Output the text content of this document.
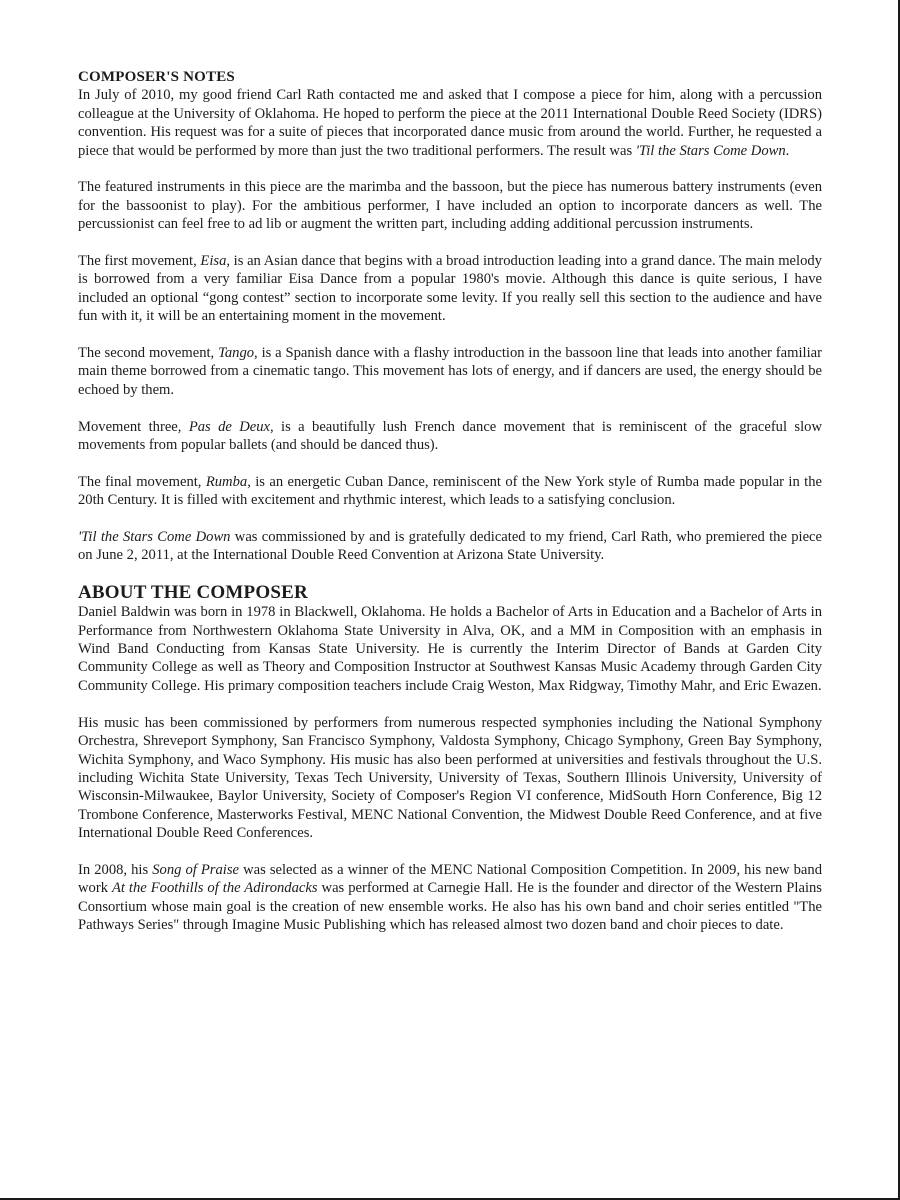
COMPOSER'S NOTES

In July of 2010, my good friend Carl Rath contacted me and asked that I compose a piece for him, along with a percussion colleague at the University of Oklahoma. He hoped to perform the piece at the 2011 International Double Reed Society (IDRS) convention. His request was for a suite of pieces that incorporated dance music from around the world. Further, he requested a piece that would be performed by more than just the two traditional performers. The result was 'Til the Stars Come Down.

The featured instruments in this piece are the marimba and the bassoon, but the piece has numerous battery instruments (even for the bassoonist to play). For the ambitious performer, I have included an option to incorporate dancers as well. The percussionist can feel free to ad lib or augment the written part, including adding additional percussion instruments.

The first movement, Eisa, is an Asian dance that begins with a broad introduction leading into a grand dance. The main melody is borrowed from a very familiar Eisa Dance from a popular 1980's movie. Although this dance is quite serious, I have included an optional “gong contest” section to incorporate some levity. If you really sell this section to the audience and have fun with it, it will be an entertaining moment in the movement.

The second movement, Tango, is a Spanish dance with a flashy introduction in the bassoon line that leads into another familiar main theme borrowed from a cinematic tango. This movement has lots of energy, and if dancers are used, the energy should be echoed by them.

Movement three, Pas de Deux, is a beautifully lush French dance movement that is reminiscent of the graceful slow movements from popular ballets (and should be danced thus).

The final movement, Rumba, is an energetic Cuban Dance, reminiscent of the New York style of Rumba made popular in the 20th Century. It is filled with excitement and rhythmic interest, which leads to a satisfying conclusion.

'Til the Stars Come Down was commissioned by and is gratefully dedicated to my friend, Carl Rath, who premiered the piece on June 2, 2011, at the International Double Reed Convention at Arizona State University.

ABOUT THE COMPOSER

Daniel Baldwin was born in 1978 in Blackwell, Oklahoma. He holds a Bachelor of Arts in Education and a Bachelor of Arts in Performance from Northwestern Oklahoma State University in Alva, OK, and a MM in Composition with an emphasis in Wind Band Conducting from Kansas State University. He is currently the Interim Director of Bands at Garden City Community College as well as Theory and Composition Instructor at Southwest Kansas Music Academy through Garden City Community College. His primary composition teachers include Craig Weston, Max Ridgway, Timothy Mahr, and Eric Ewazen.

His music has been commissioned by performers from numerous respected symphonies including the National Symphony Orchestra, Shreveport Symphony, San Francisco Symphony, Valdosta Symphony, Chicago Symphony, Green Bay Symphony, Wichita Symphony, and Waco Symphony. His music has also been performed at universities and festivals throughout the U.S. including Wichita State University, Texas Tech University, University of Texas, Southern Illinois University, University of Wisconsin-Milwaukee, Baylor University, Society of Composer's Region VI conference, MidSouth Horn Conference, Big 12 Trombone Conference, Masterworks Festival, MENC National Convention, the Midwest Double Reed Conference, and at five International Double Reed Conferences.

In 2008, his Song of Praise was selected as a winner of the MENC National Composition Competition. In 2009, his new band work At the Foothills of the Adirondacks was performed at Carnegie Hall. He is the founder and director of the Western Plains Consortium whose main goal is the creation of new ensemble works. He also has his own band and choir series entitled "The Pathways Series" through Imagine Music Publishing which has released almost two dozen band and choir pieces to date.
